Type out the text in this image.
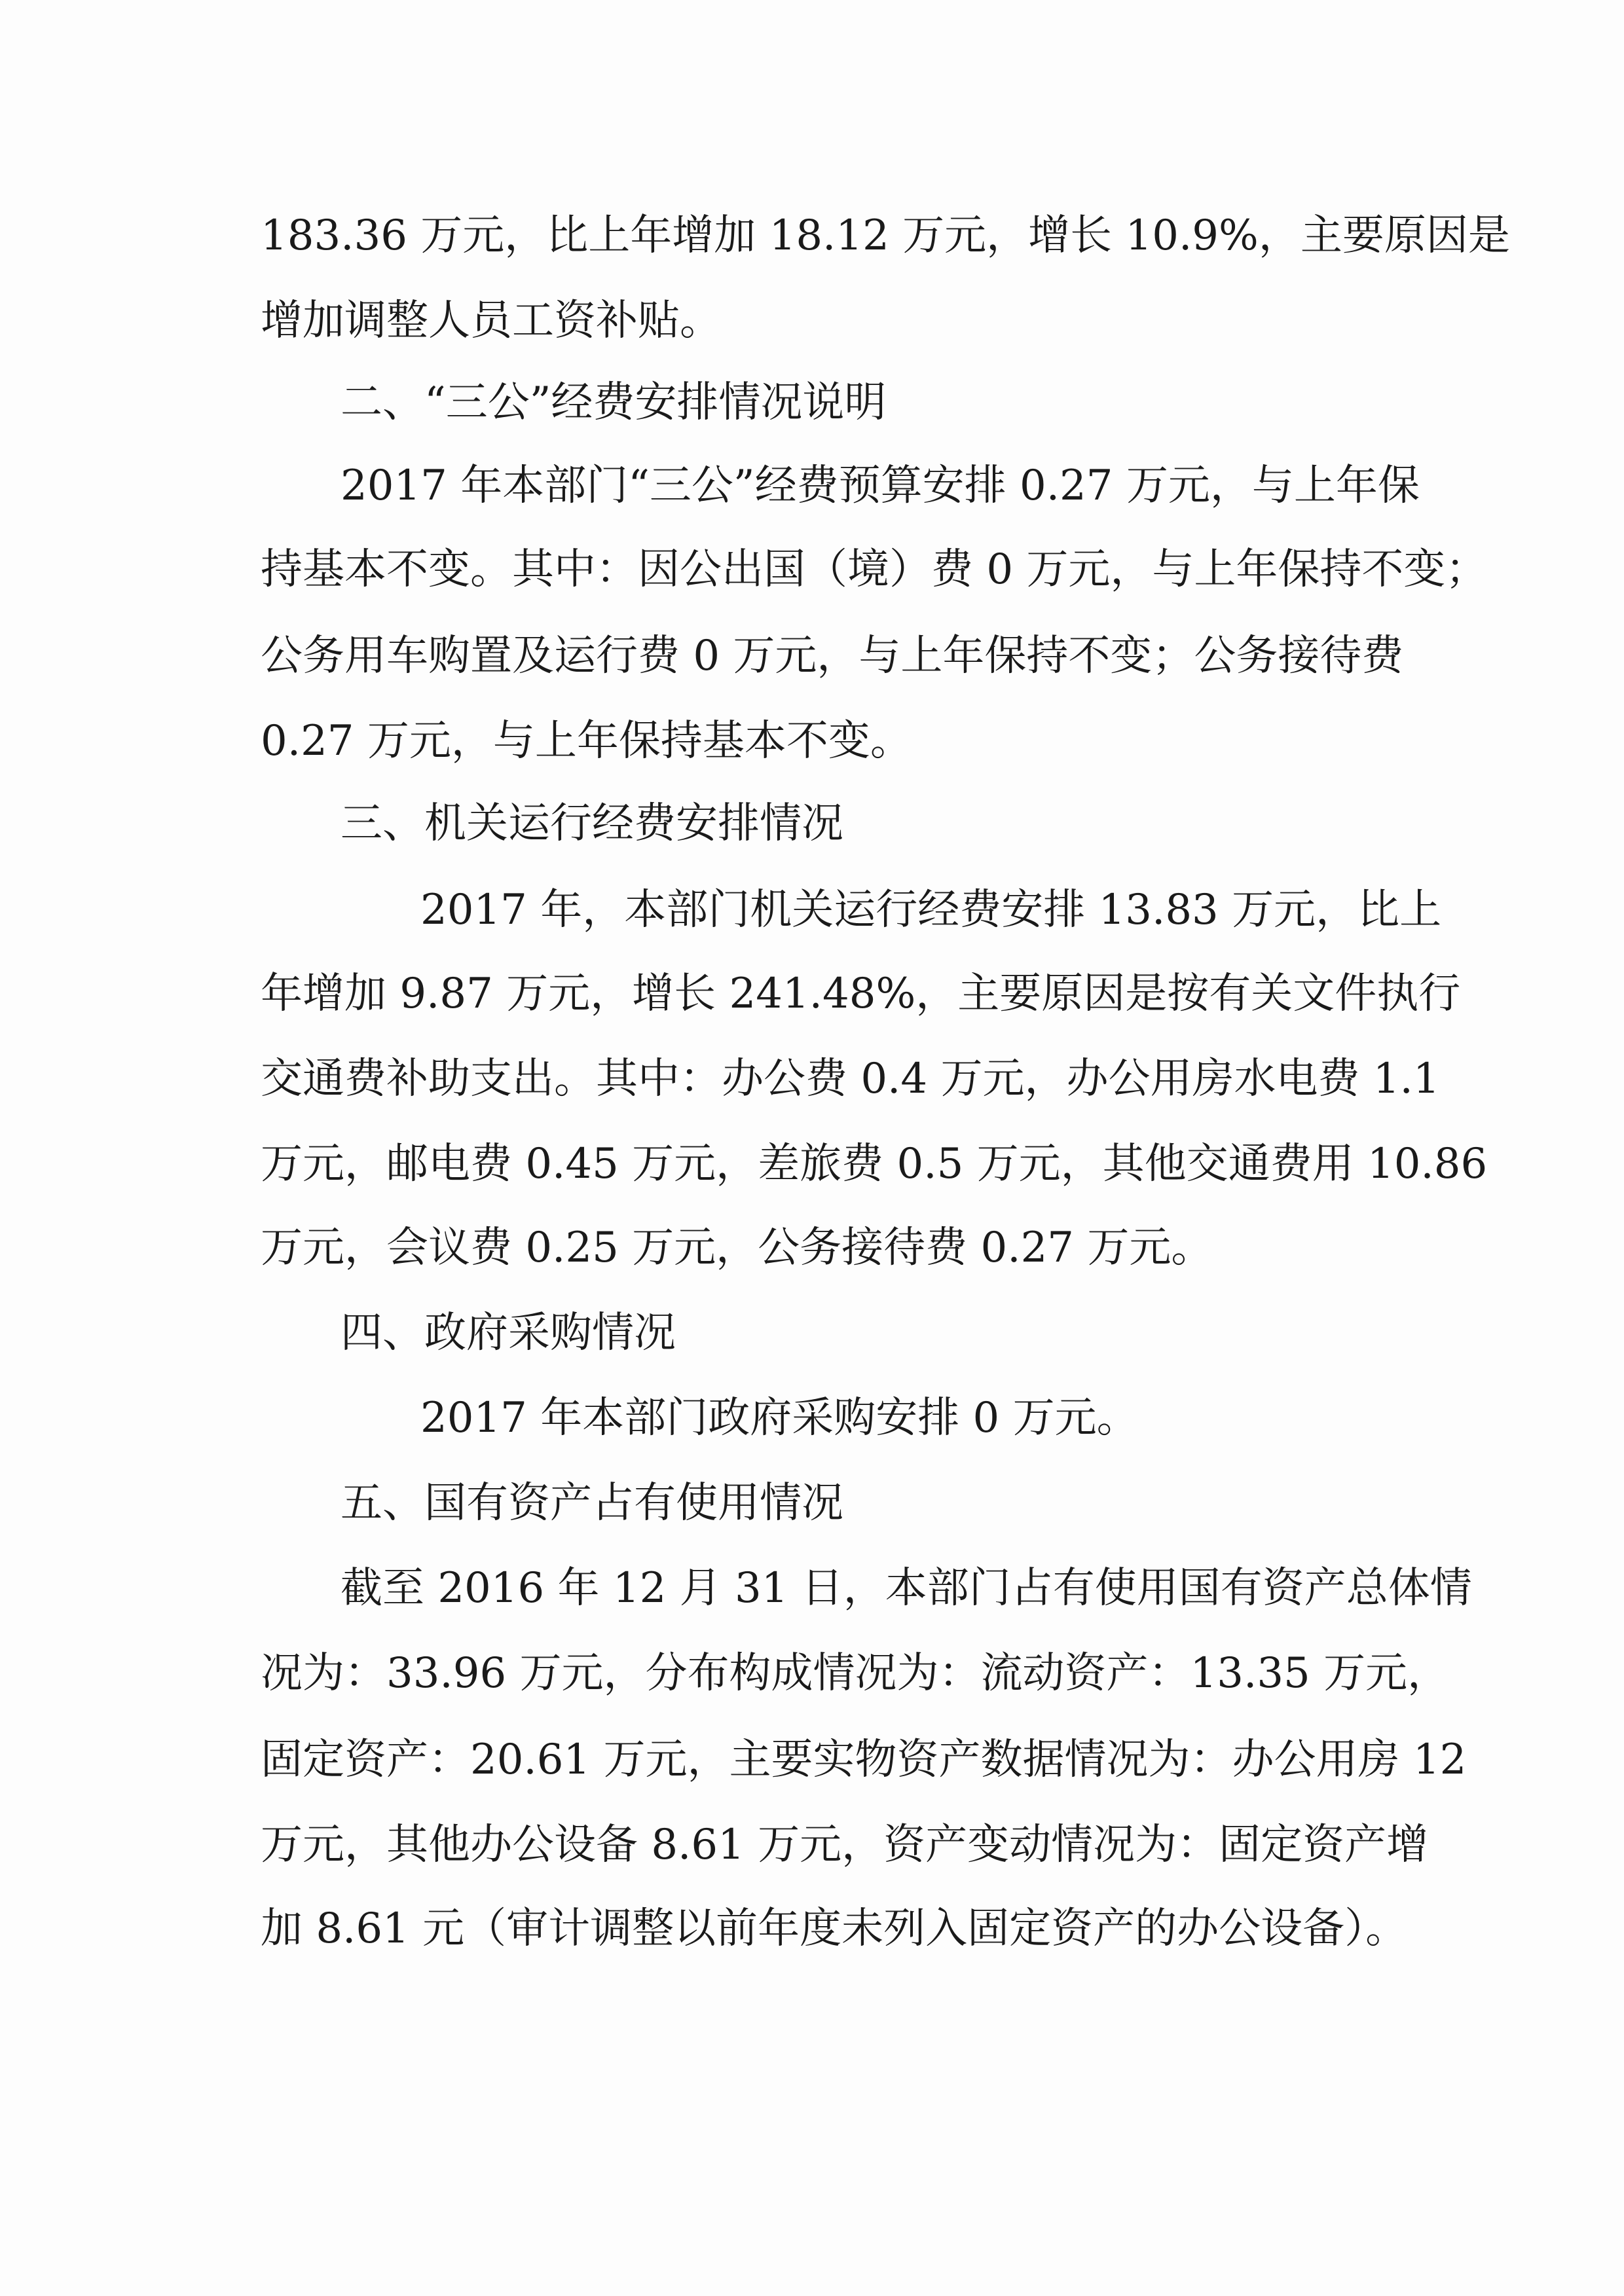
183.36 万元，比上年增加 18.12 万元，增长 10.9%，主要原因是
增加调整人员工资补贴。
二、“三公”经费安排情况说明
2017 年本部门“三公”经费预算安排 0.27 万元，与上年保
持基本不变。其中：因公出国（境）费 0 万元，与上年保持不变；
公务用车购置及运行费 0 万元，与上年保持不变；公务接待费
0.27 万元，与上年保持基本不变。
三、机关运行经费安排情况
2017 年，本部门机关运行经费安排 13.83 万元，比上
年增加 9.87 万元，增长 241.48%，主要原因是按有关文件执行
交通费补助支出。其中：办公费 0.4 万元，办公用房水电费 1.1
万元，邮电费 0.45 万元，差旅费 0.5 万元，其他交通费用 10.86
万元，会议费 0.25 万元，公务接待费 0.27 万元。
四、政府采购情况
2017 年本部门政府采购安排 0 万元。
五、国有资产占有使用情况
截至 2016 年 12 月 31 日，本部门占有使用国有资产总体情
况为：33.96 万元，分布构成情况为：流动资产：13.35 万元，
固定资产：20.61 万元，主要实物资产数据情况为：办公用房 12
万元，其他办公设备 8.61 万元，资产变动情况为：固定资产增
加 8.61 元（审计调整以前年度未列入固定资产的办公设备）。
